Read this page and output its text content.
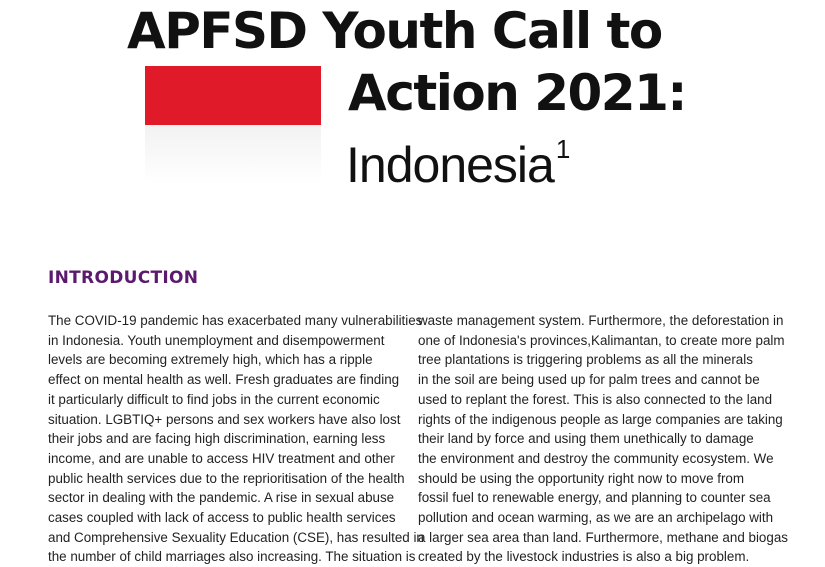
APFSD Youth Call to
Action 2021:
Indonesia$^1$
INTRODUCTION

The COVID-19 pandemic has exacerbated many vulnerabilities
in Indonesia. Youth unemployment and disempowerment
levels are becoming extremely high, which has a ripple
effect on mental health as well. Fresh graduates are finding
it particularly difficult to find jobs in the current economic
situation. LGBTIQ+ persons and sex workers have also lost
their jobs and are facing high discrimination, earning less
income, and are unable to access HIV treatment and other
public health services due to the reprioritisation of the health
sector in dealing with the pandemic. A rise in sexual abuse
cases coupled with lack of access to public health services
and Comprehensive Sexuality Education (CSE), has resulted in
the number of child marriages also increasing. The situation is

waste management system. Furthermore, the deforestation in
one of Indonesia's provinces,Kalimantan, to create more palm
tree plantations is triggering problems as all the minerals
in the soil are being used up for palm trees and cannot be
used to replant the forest. This is also connected to the land
rights of the indigenous people as large companies are taking
their land by force and using them unethically to damage
the environment and destroy the community ecosystem. We
should be using the opportunity right now to move from
fossil fuel to renewable energy, and planning to counter sea
pollution and ocean warming, as we are an archipelago with
a larger sea area than land. Furthermore, methane and biogas
created by the livestock industries is also a big problem.
